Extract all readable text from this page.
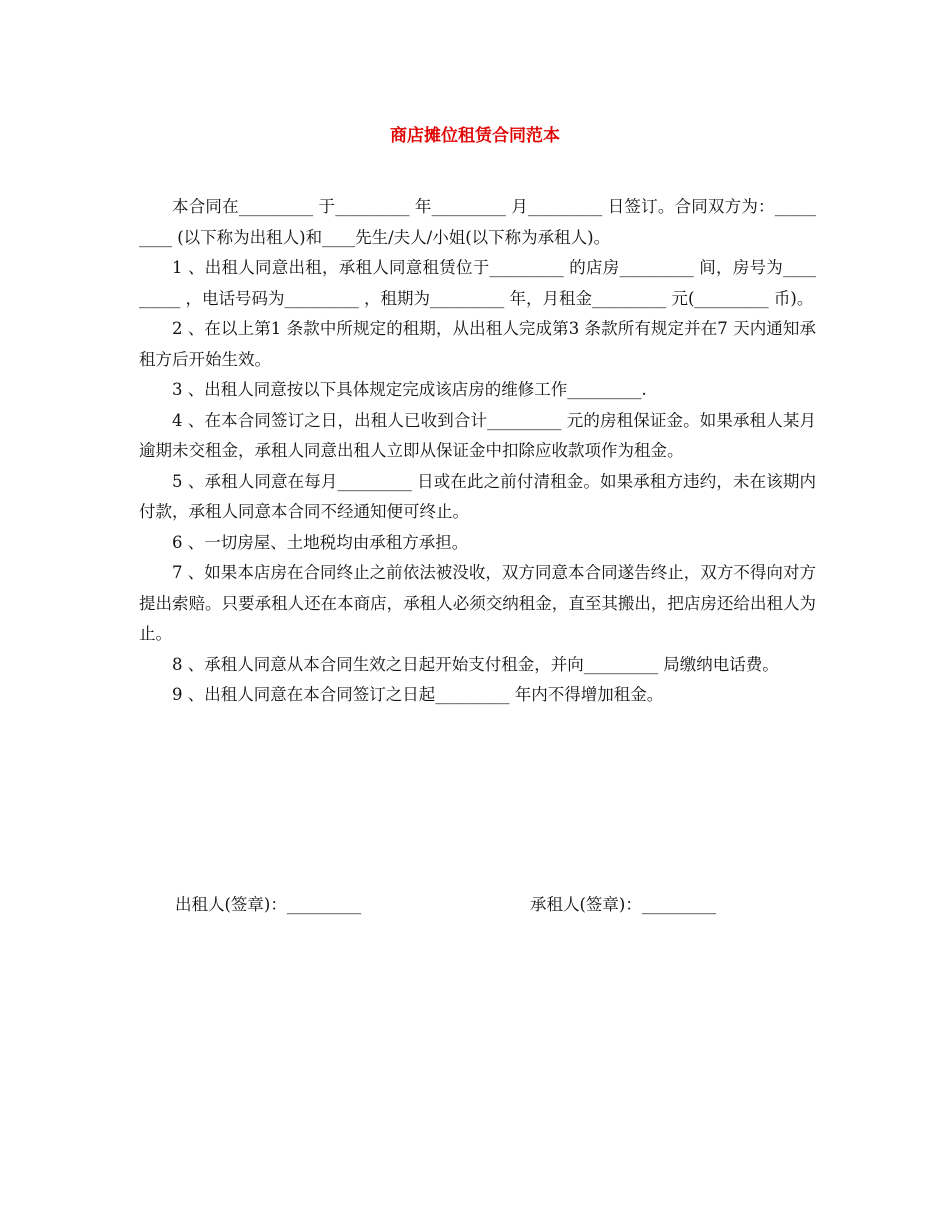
商店摊位租赁合同范本

本合同在_________ 于_________ 年_________ 月_________ 日签订。合同双方为：_________ (以下称为出租人)和____先生/夫人/小姐(以下称为承租人)。

1 、出租人同意出租，承租人同意租赁位于_________ 的店房_________ 间，房号为_________ ，电话号码为_________ ，租期为_________ 年，月租金_________ 元(_________ 币)。

2 、在以上第1 条款中所规定的租期，从出租人完成第3 条款所有规定并在7 天内通知承租方后开始生效。

3 、出租人同意按以下具体规定完成该店房的维修工作_________.

4 、在本合同签订之日，出租人已收到合计_________ 元的房租保证金。如果承租人某月逾期未交租金，承租人同意出租人立即从保证金中扣除应收款项作为租金。

5 、承租人同意在每月_________ 日或在此之前付清租金。如果承租方违约，未在该期内付款，承租人同意本合同不经通知便可终止。

6 、一切房屋、土地税均由承租方承担。

7 、如果本店房在合同终止之前依法被没收，双方同意本合同遂告终止，双方不得向对方提出索赔。只要承租人还在本商店，承租人必须交纳租金，直至其搬出，把店房还给出租人为止。

8 、承租人同意从本合同生效之日起开始支付租金，并向_________ 局缴纳电话费。

9 、出租人同意在本合同签订之日起_________ 年内不得增加租金。

出租人(签章)：_________

	承租人(签章)：_________
